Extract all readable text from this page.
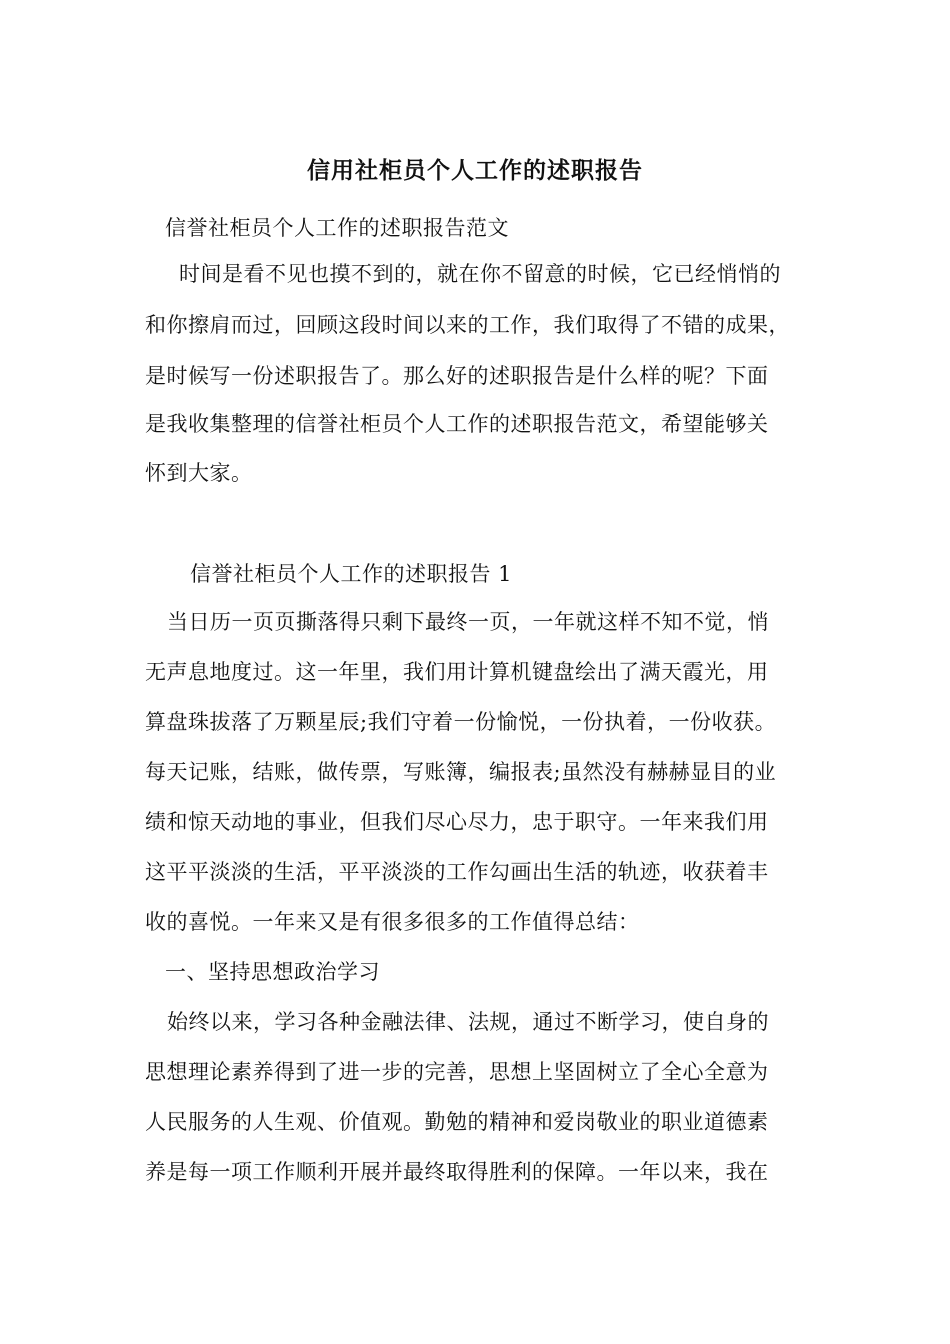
信用社柜员个人工作的述职报告
信誉社柜员个人工作的述职报告范文
时间是看不见也摸不到的，就在你不留意的时候，它已经悄悄的
和你擦肩而过，回顾这段时间以来的工作，我们取得了不错的成果，
是时候写一份述职报告了。那么好的述职报告是什么样的呢？下面
是我收集整理的信誉社柜员个人工作的述职报告范文，希望能够关
怀到大家。
信誉社柜员个人工作的述职报告 1
当日历一页页撕落得只剩下最终一页，一年就这样不知不觉，悄
无声息地度过。这一年里，我们用计算机键盘绘出了满天霞光，用
算盘珠拔落了万颗星辰;我们守着一份愉悦，一份执着，一份收获。
每天记账，结账，做传票，写账簿，编报表;虽然没有赫赫显目的业
绩和惊天动地的事业，但我们尽心尽力，忠于职守。一年来我们用
这平平淡淡的生活，平平淡淡的工作勾画出生活的轨迹，收获着丰
收的喜悦。一年来又是有很多很多的工作值得总结：
一、坚持思想政治学习
始终以来，学习各种金融法律、法规，通过不断学习，使自身的
思想理论素养得到了进一步的完善，思想上坚固树立了全心全意为
人民服务的人生观、价值观。勤勉的精神和爱岗敬业的职业道德素
养是每一项工作顺利开展并最终取得胜利的保障。一年以来，我在
